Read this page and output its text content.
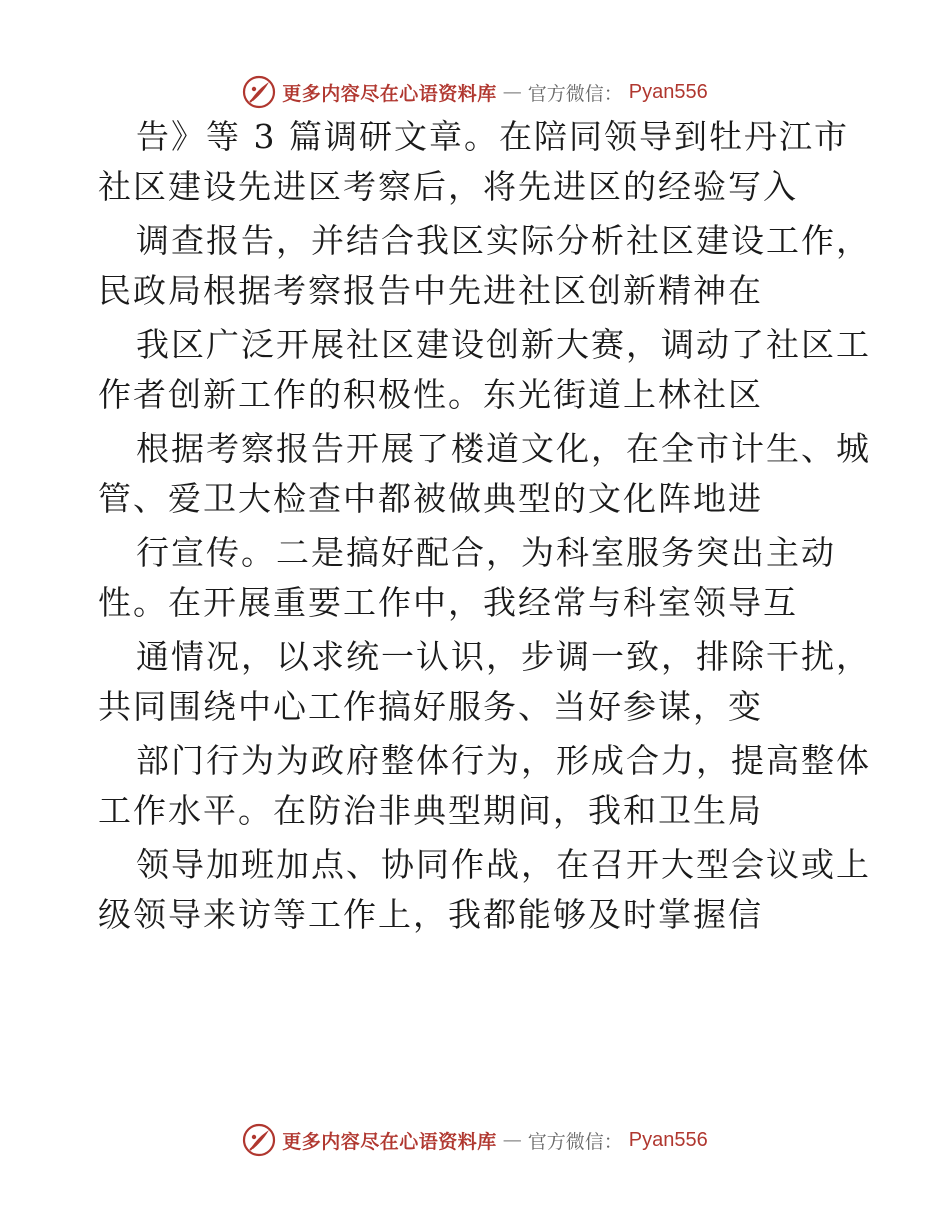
更多内容尽在心语资料库 — 官方微信： Pyan556

告》等 3 篇调研文章。在陪同领导到牡丹江市

社区建设先进区考察后，将先进区的经验写入

调查报告，并结合我区实际分析社区建设工作，

民政局根据考察报告中先进社区创新精神在

我区广泛开展社区建设创新大赛，调动了社区工

作者创新工作的积极性。东光街道上林社区

根据考察报告开展了楼道文化，在全市计生、城

管、爱卫大检查中都被做典型的文化阵地进

行宣传。二是搞好配合，为科室服务突出主动

性。在开展重要工作中，我经常与科室领导互

通情况，以求统一认识，步调一致，排除干扰，

共同围绕中心工作搞好服务、当好参谋，变

部门行为为政府整体行为，形成合力，提高整体

工作水平。在防治非典型期间，我和卫生局

领导加班加点、协同作战，在召开大型会议或上

级领导来访等工作上，我都能够及时掌握信

更多内容尽在心语资料库 — 官方微信： Pyan556
